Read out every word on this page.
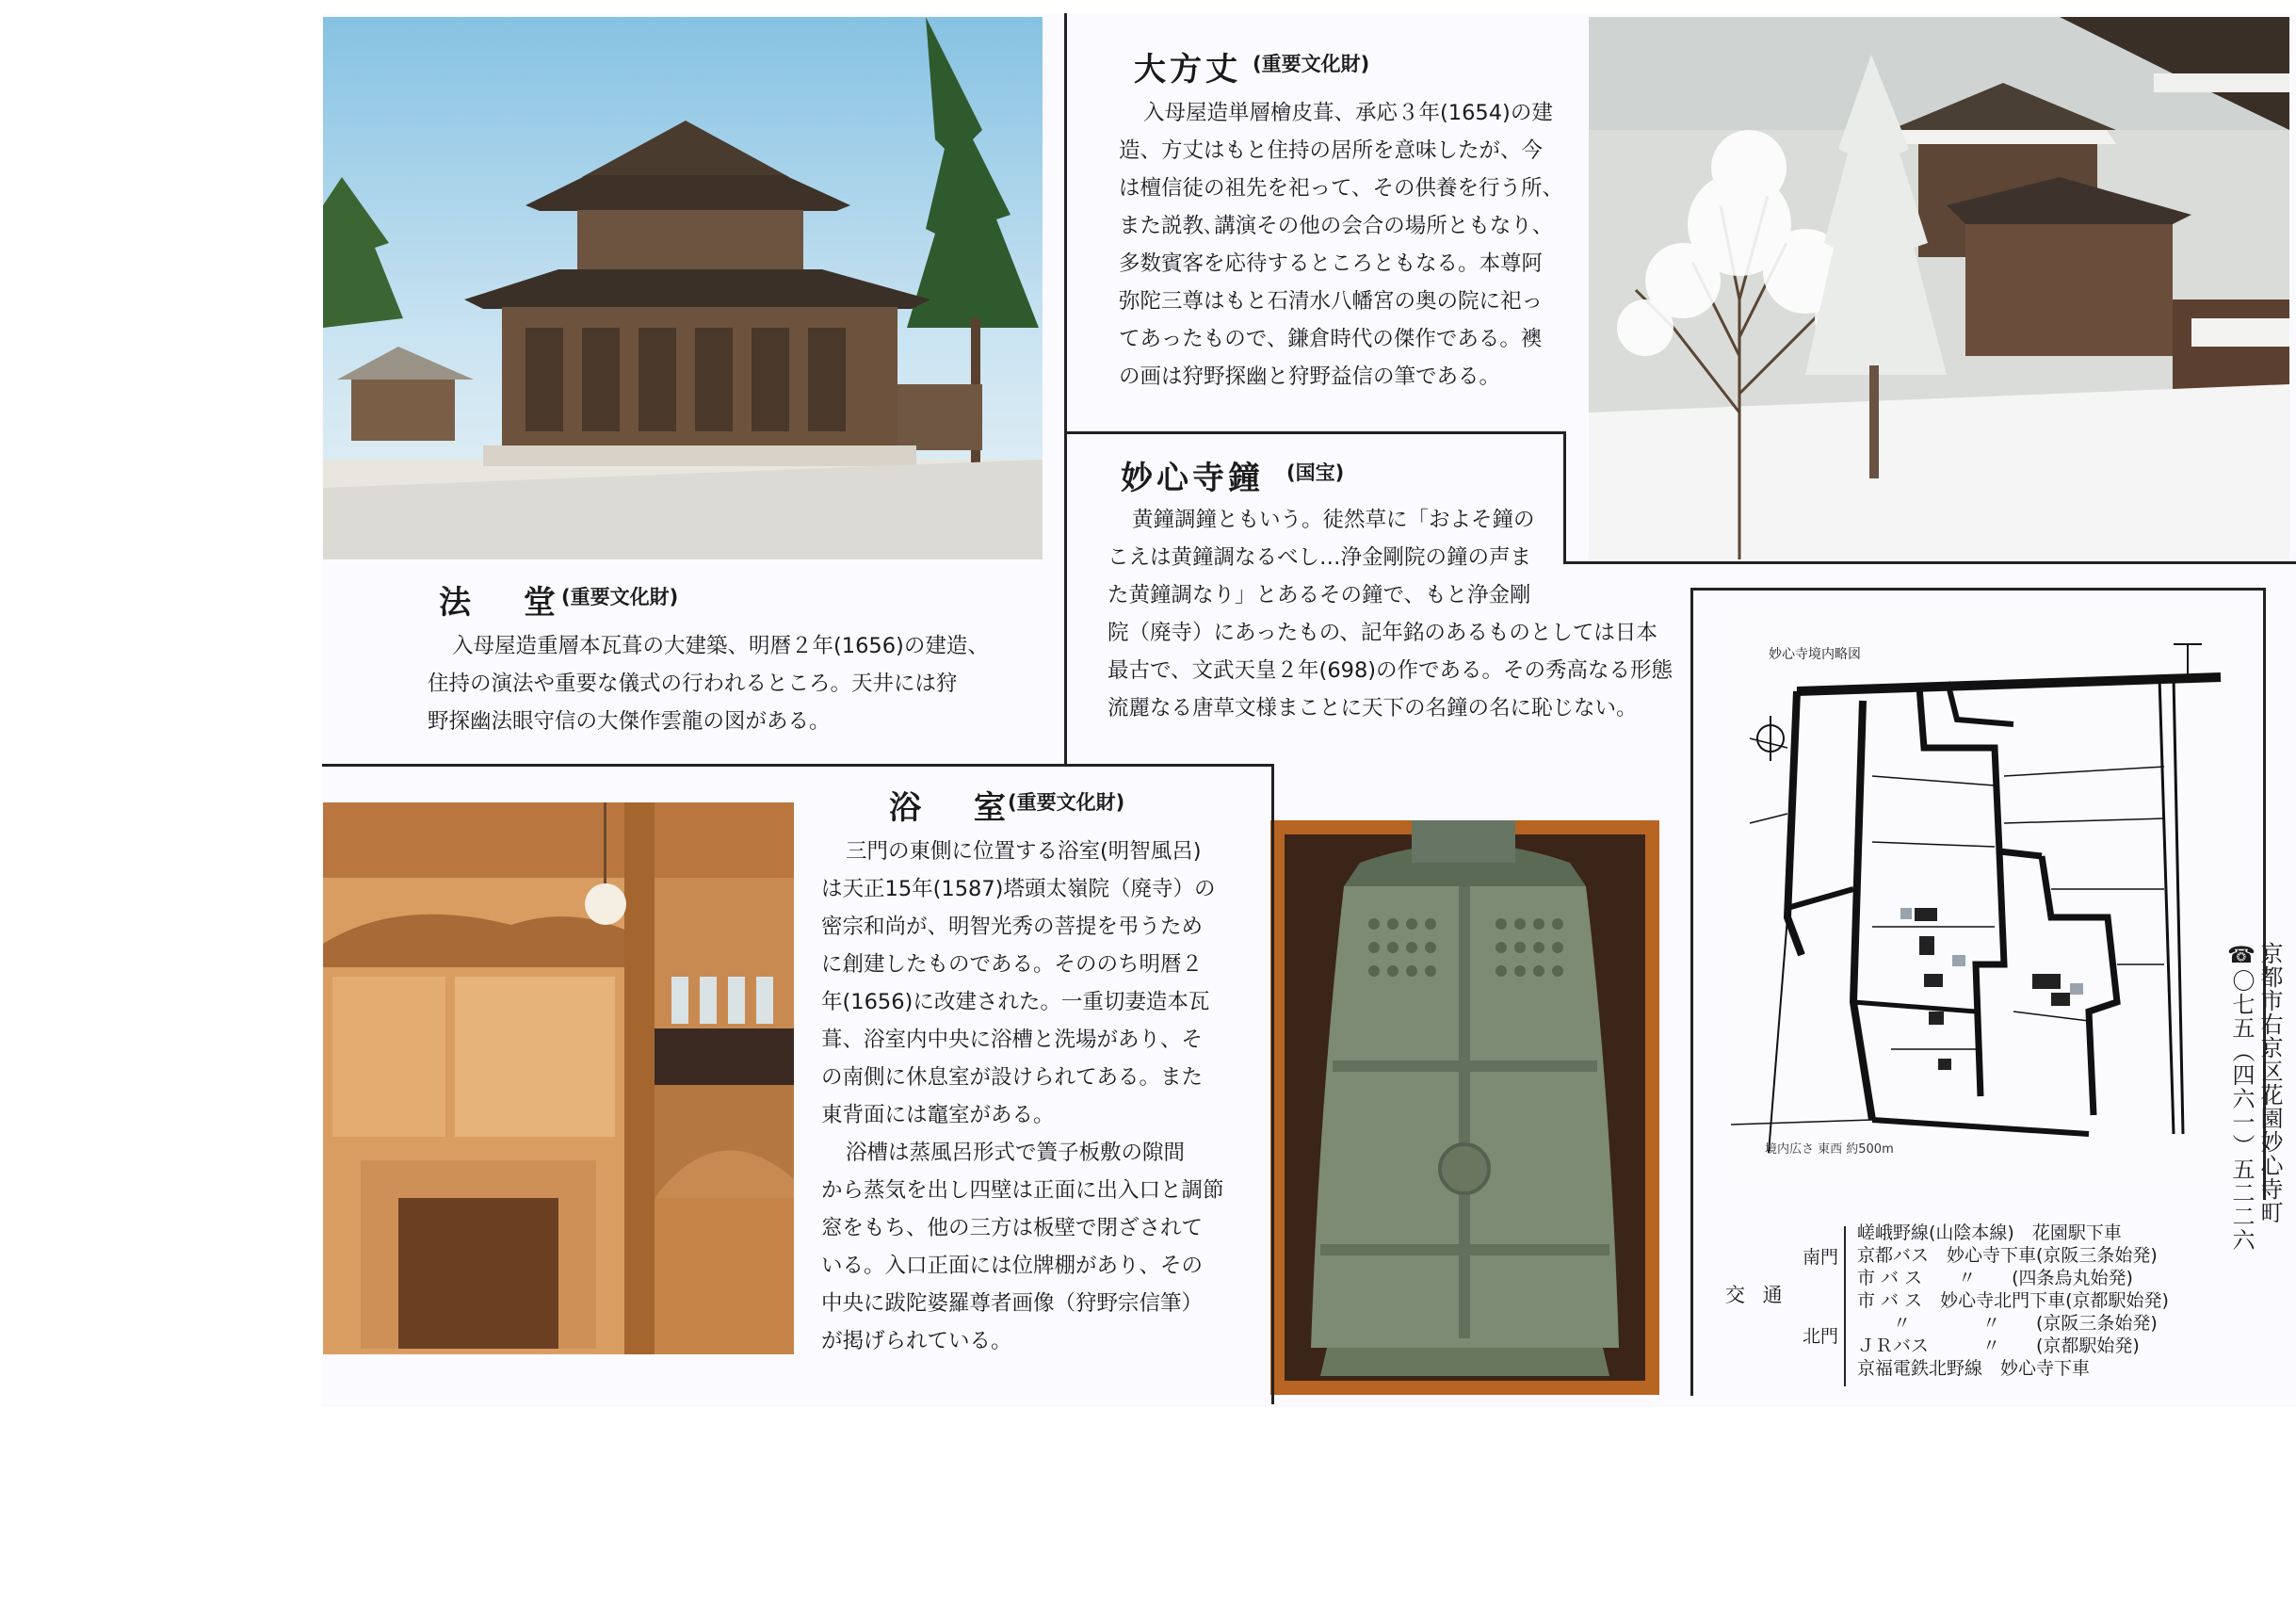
法 堂
(重要文化財)
入母屋造重層本瓦葺の大建築、明暦２年(1656)の建造、
住持の演法や重要な儀式の行われるところ。天井には狩
野探幽法眼守信の大傑作雲龍の図がある。
大方丈 (重要文化財)
入母屋造単層檜皮葺、承応３年(1654)の建
造、方丈はもと住持の居所を意味したが、今
は檀信徒の祖先を祀って、その供養を行う所、
また説教､講演その他の会合の場所ともなり、
多数賓客を応待するところともなる。本尊阿
弥陀三尊はもと石清水八幡宮の奥の院に祀っ
てあったもので、鎌倉時代の傑作である。襖
の画は狩野探幽と狩野益信の筆である。
妙心寺鐘 (国宝)
黄鐘調鐘ともいう。徒然草に「およそ鐘の
こえは黄鐘調なるべし…浄金剛院の鐘の声ま
た黄鐘調なり」とあるその鐘で、もと浄金剛
院（廃寺）にあったもの、記年銘のあるものとしては日本
最古で、文武天皇２年(698)の作である。その秀高なる形態
流麗なる唐草文様まことに天下の名鐘の名に恥じない。
浴 室
(重要文化財)
三門の東側に位置する浴室(明智風呂)
は天正15年(1587)塔頭太嶺院（廃寺）の
密宗和尚が、明智光秀の菩提を弔うため
に創建したものである。そののち明暦２
年(1656)に改建された。一重切妻造本瓦
葺、浴室内中央に浴槽と洗場があり、そ
の南側に休息室が設けられてある。また
東背面には竈室がある。
浴槽は蒸風呂形式で簀子板敷の隙間
から蒸気を出し四壁は正面に出入口と調節
窓をもち、他の三方は板壁で閉ざされて
いる。入口正面には位牌棚があり、その
中央に跋陀婆羅尊者画像（狩野宗信筆）
が掲げられている。
妙心寺境内略図

境内広さ 東西 約500m

	京都市右京区花園妙心寺町
☎〇七五（四六一）五二二六
交 通
南門
北門
嵯峨野線(山陰本線)　花園駅下車
京都バス　妙心寺下車(京阪三条始発)
市 バ ス　　〃　　(四条烏丸始発)
市 バ ス　妙心寺北門下車(京都駅始発)
　　〃　　　　〃　　(京阪三条始発)
ＪＲバス　　　〃　　(京都駅始発)
京福電鉄北野線　妙心寺下車
